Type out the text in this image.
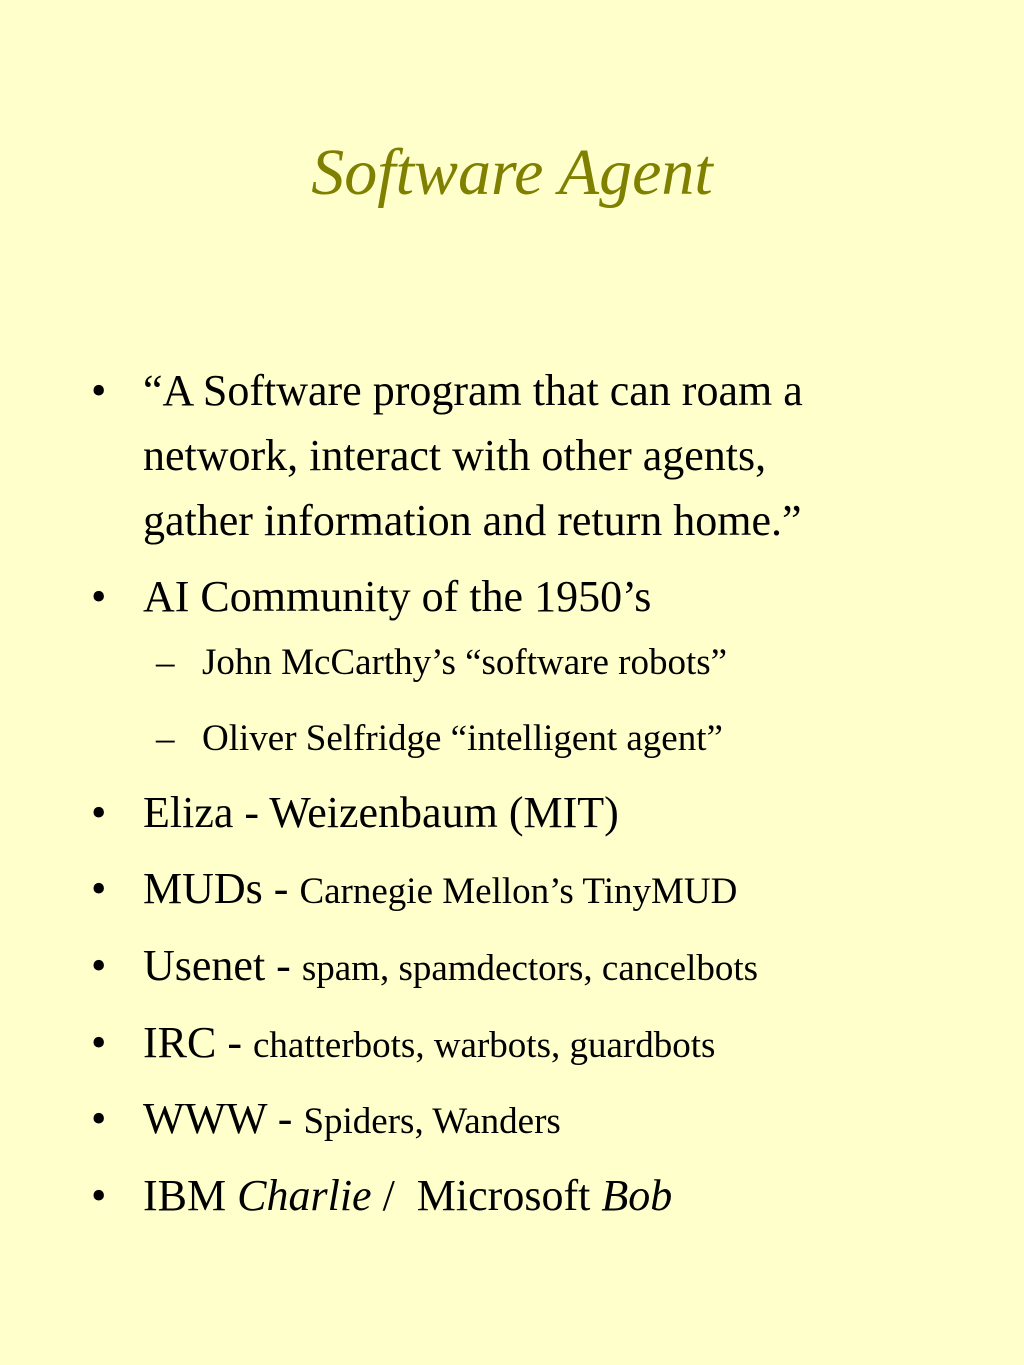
Software Agent
• “A Software program that can roam a
network, interact with other agents,
gather information and return home.”
• AI Community of the 1950’s
– John McCarthy’s “software robots”
– Oliver Selfridge “intelligent agent”
• Eliza - Weizenbaum (MIT)
• MUDs - Carnegie Mellon’s TinyMUD
• Usenet - spam, spamdectors, cancelbots
• IRC - chatterbots, warbots, guardbots
• WWW - Spiders, Wanders
• IBM Charlie /  Microsoft Bob
